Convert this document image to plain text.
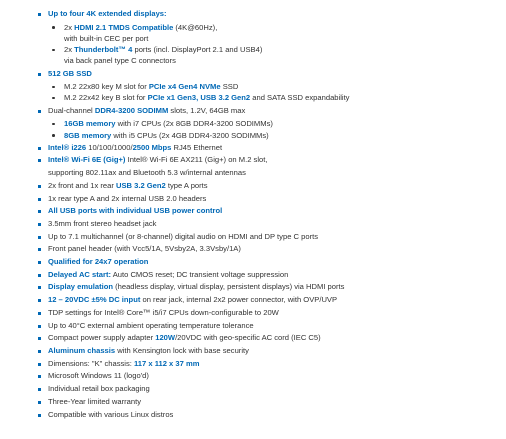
Up to four 4K extended displays:
2x HDMI 2.1 TMDS Compatible (4K@60Hz),
with built-in CEC per port
2x Thunderbolt™ 4 ports (incl. DisplayPort 2.1 and USB4)
via back panel type C connectors
512 GB SSD
M.2 22x80 key M slot for PCIe x4 Gen4 NVMe SSD
M.2 22x42 key B slot for PCIe x1 Gen3, USB 3.2 Gen2 and SATA SSD expandability
Dual-channel DDR4-3200 SODIMM slots, 1.2V, 64GB max
16GB memory with i7 CPUs (2x 8GB DDR4-3200 SODIMMs)
8GB memory with i5 CPUs (2x 4GB DDR4-3200 SODIMMs)
Intel® i226 10/100/1000/2500 Mbps RJ45 Ethernet
Intel® Wi-Fi 6E (Gig+) Intel® Wi-Fi 6E AX211 (Gig+) on M.2 slot,
supporting 802.11ax and Bluetooth 5.3 w/internal antennas
2x front and 1x rear USB 3.2 Gen2 type A ports
1x rear type A and 2x internal USB 2.0 headers
All USB ports with individual USB power control
3.5mm front stereo headset jack
Up to 7.1 multichannel (or 8-channel) digital audio on HDMI and DP type C ports
Front panel header (with Vcc5/1A, 5Vsby2A, 3.3Vsby/1A)
Qualified for 24x7 operation
Delayed AC start: Auto CMOS reset; DC transient voltage suppression
Display emulation (headless display, virtual display, persistent displays) via HDMI ports
12 – 20VDC ±5% DC input on rear jack, internal 2x2 power connector, with OVP/UVP
TDP settings for Intel® Core™ i5/i7 CPUs down-configurable to 20W
Up to 40°C external ambient operating temperature tolerance
Compact power supply adapter 120W/20VDC with geo-specific AC cord (IEC C5)
Aluminum chassis with Kensington lock with base security
Dimensions: "K" chassis: 117 x 112 x 37 mm
Microsoft Windows 11 (logo'd)
Individual retail box packaging
Three-Year limited warranty
Compatible with various Linux distros
